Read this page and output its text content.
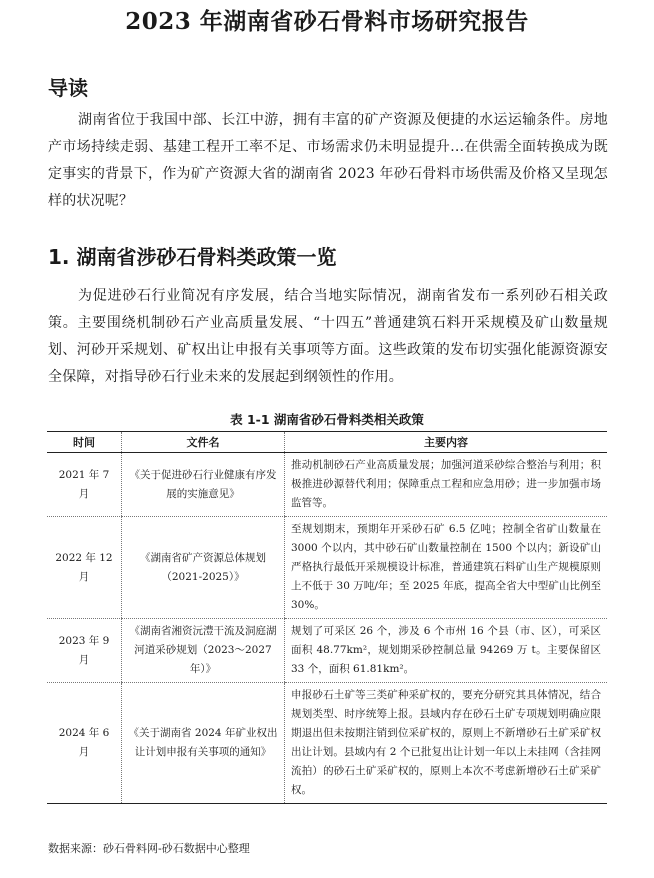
2023 年湖南省砂石骨料市场研究报告
导读

湖南省位于我国中部、长江中游，拥有丰富的矿产资源及便捷的水运运输条件。房地产市场持续走弱、基建工程开工率不足、市场需求仍未明显提升…在供需全面转换成为既定事实的背景下，作为矿产资源大省的湖南省 2023 年砂石骨料市场供需及价格又呈现怎样的状况呢？

1. 湖南省涉砂石骨料类政策一览

为促进砂石行业简况有序发展，结合当地实际情况，湖南省发布一系列砂石相关政策。主要围绕机制砂石产业高质量发展、“十四五”普通建筑石料开采规模及矿山数量规划、河砂开采规划、矿权出让申报有关事项等方面。这些政策的发布切实强化能源资源安全保障，对指导砂石行业未来的发展起到纲领性的作用。

表 1-1 湖南省砂石骨料类相关政策

时间	文件名	主要内容
2021 年 7 月	《关于促进砂石行业健康有序发展的实施意见》	推动机制砂石产业高质量发展；加强河道采砂综合整治与利用；积极推进砂源替代利用；保障重点工程和应急用砂；进一步加强市场监管等。
2022 年 12 月	《湖南省矿产资源总体规划（2021-2025）》	至规划期末，预期年开采砂石矿 6.5 亿吨；控制全省矿山数量在 3000 个以内，其中砂石矿山数量控制在 1500 个以内；新设矿山严格执行最低开采规模设计标准，普通建筑石料矿山生产规模原则上不低于 30 万吨/年；至 2025 年底，提高全省大中型矿山比例至 30%。
2023 年 9 月	《湖南省湘资沅澧干流及洞庭湖河道采砂规划（2023～2027 年）》	规划了可采区 26 个，涉及 6 个市州 16 个县（市、区），可采区面积 48.77km²，规划期采砂控制总量 94269 万 t。主要保留区 33 个，面积 61.81km²。
2024 年 6 月	《关于湖南省 2024 年矿业权出让计划申报有关事项的通知》	申报砂石土矿等三类矿种采矿权的，要充分研究其具体情况，结合规划类型、时序统筹上报。县域内存在砂石土矿专项规划明确应限期退出但未按期注销到位采矿权的，原则上不新增砂石土矿采矿权出让计划。县域内有 2 个已批复出让计划一年以上未挂网（含挂网流拍）的砂石土矿采矿权的，原则上本次不考虑新增砂石土矿采矿权。

数据来源：砂石骨料网-砂石数据中心整理
